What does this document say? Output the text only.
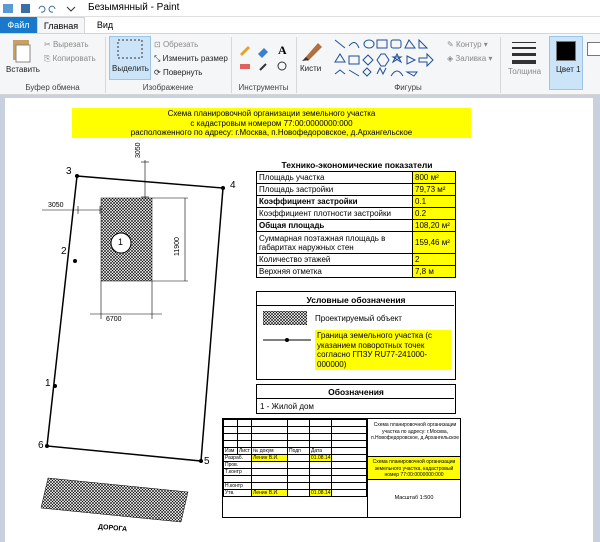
Безымянный - Paint
Файл	Главная	Вид
Вставить
✂ Вырезать
⎘ Копировать
Буфер обмена
Выделить
⊡ Обрезать
⤡ Изменить размер
⟳ Повернуть
Изображение
A
Инструменты
Кисти
✎ Контур ▾
◈ Заливка ▾
Фигуры
Толщина Цвет 1
Схема планировочной организации земельного участка
с кадастровым номером 77:00:0000000:000
расположенного по адресу: г.Москва, п.Новофедоровское, д.Архангельское
3
4
2
1
6
5
1
3050
3050
11900
6700
ДОРОГА
Технико-экономические показатели
Площадь участка	800 м²
Площадь застройки	79,73 м²
Коэффициент застройки	0.1
Коэффициент плотности застройки	0.2
Общая площадь	108,20 м²
Суммарная поэтажная площадь в габаритах наружных стен	159,46 м²
Количество этажей	2
Верхняя отметка	7,8 м
Условные обозначения
Проектируемый объект
Граница земельного участка (с указанием поворотных точек согласно ГПЗУ RU77-241000-000000)
Обозначения
1 - Жилой дом

Изм	Лист	№ докум	Подп	Дата	
Разраб.		Ленин В.И.		01.08.14	
Пров.					
Т.контр					

Н.контр					
Утв.		Ленин В.И.		01.08.14	
Схема планировочной организации участка по адресу: г.Москва, п.Новофедоровское, д.Архангельское
Схема планировочной организации земельного участка, кадастровый номер 77:00:0000000:000
Масштаб 1:500
